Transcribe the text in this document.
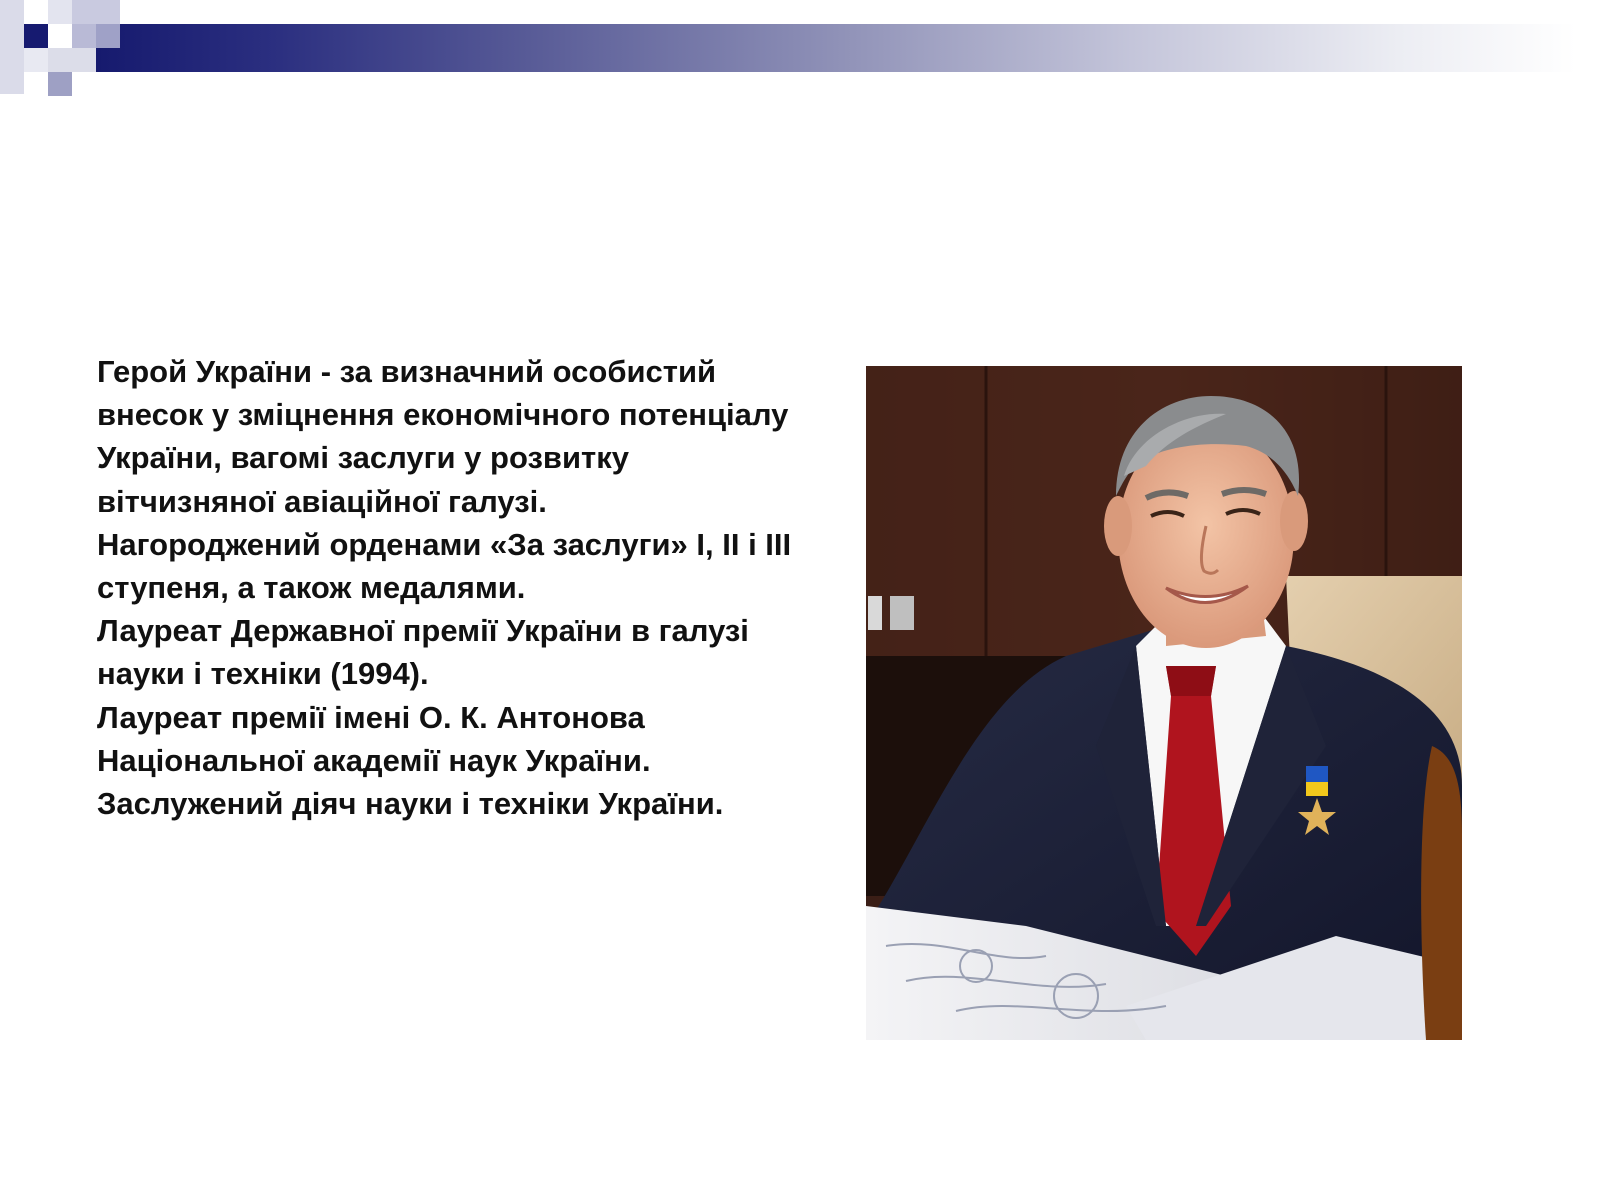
Герой України - за визначний особистий внесок у зміцнення економічного потенціалу України, вагомі заслуги у розвитку вітчизняної авіаційної галузі.

Нагороджений орденами «За заслуги» І, ІІ і ІІІ ступеня, а також медалями.

Лауреат Державної премії України в галузі науки і техніки (1994).

Лауреат премії імені О. К. Антонова Національної академії наук України.

Заслужений діяч науки і техніки України.
